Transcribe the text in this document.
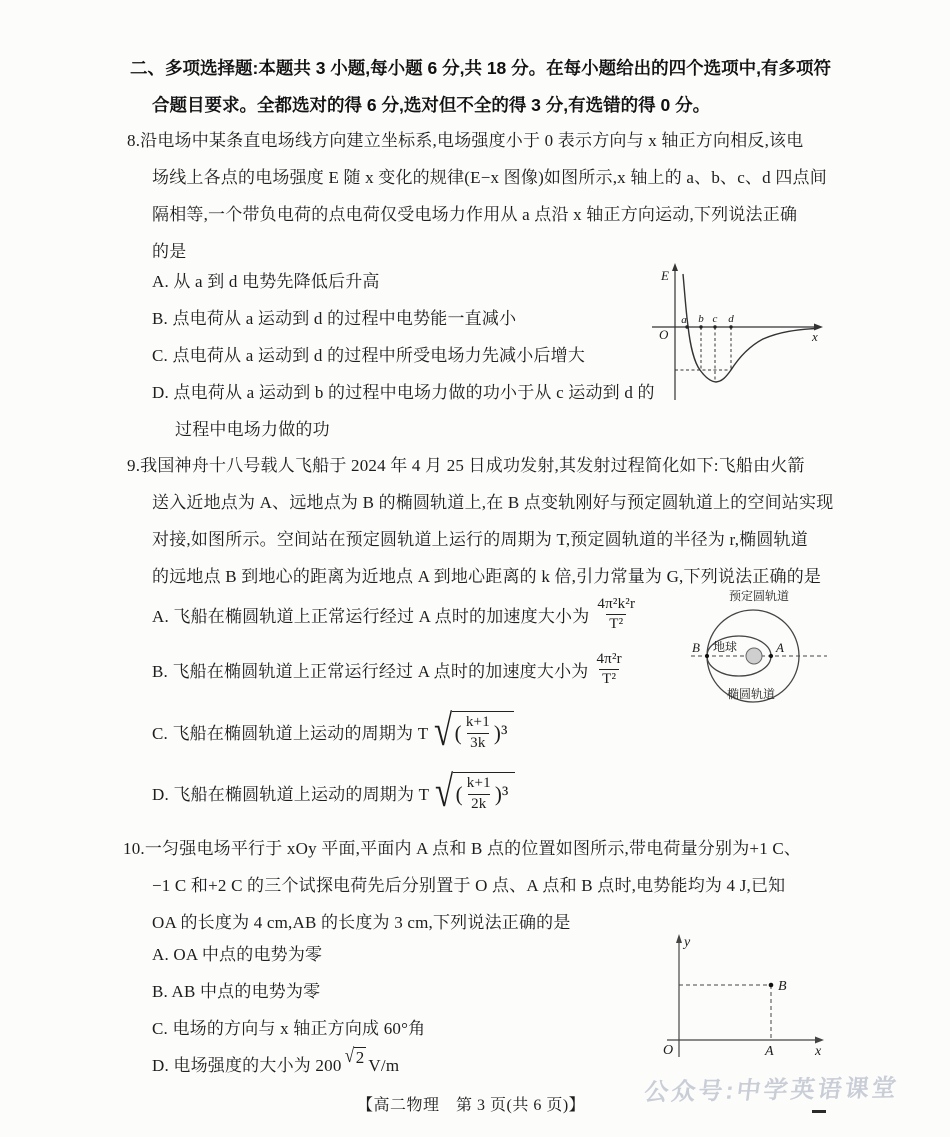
二、多项选择题:本题共 3 小题,每小题 6 分,共 18 分。在每小题给出的四个选项中,有多项符
合题目要求。全都选对的得 6 分,选对但不全的得 3 分,有选错的得 0 分。
8.沿电场中某条直电场线方向建立坐标系,电场强度小于 0 表示方向与 x 轴正方向相反,该电
场线上各点的电场强度 E 随 x 变化的规律(E−x 图像)如图所示,x 轴上的 a、b、c、d 四点间
隔相等,一个带负电荷的点电荷仅受电场力作用从 a 点沿 x 轴正方向运动,下列说法正确
的是
A. 从 a 到 d 电势先降低后升高
B. 点电荷从 a 运动到 d 的过程中电势能一直减小
C. 点电荷从 a 运动到 d 的过程中所受电场力先减小后增大
D. 点电荷从 a 运动到 b 的过程中电场力做的功小于从 c 运动到 d 的
过程中电场力做的功
E
O	x
a b c d
9.我国神舟十八号载人飞船于 2024 年 4 月 25 日成功发射,其发射过程简化如下:飞船由火箭
送入近地点为 A、远地点为 B 的椭圆轨道上,在 B 点变轨刚好与预定圆轨道上的空间站实现
对接,如图所示。空间站在预定圆轨道上运行的周期为 T,预定圆轨道的半径为 r,椭圆轨道
的远地点 B 到地心的距离为近地点 A 到地心距离的 k 倍,引力常量为 G,下列说法正确的是
A. 飞船在椭圆轨道上正常运行经过 A 点时的加速度大小为 $\frac{\text{4π²k²r}}{\text{T²}}$
B. 飞船在椭圆轨道上正常运行经过 A 点时的加速度大小为 $\frac{\text{4π²r}}{\text{T²}}$
C. 飞船在椭圆轨道上运动的周期为 T √ ( $\frac{k+1}{3k} )^3$
D. 飞船在椭圆轨道上运动的周期为 T √ ( $\frac{k+1}{2k} )^3$
预定圆轨道
地球
椭圆轨道
B	A
10.一匀强电场平行于 xOy 平面,平面内 A 点和 B 点的位置如图所示,带电荷量分别为+1 C、
−1 C 和+2 C 的三个试探电荷先后分别置于 O 点、A 点和 B 点时,电势能均为 4 J,已知
OA 的长度为 4 cm,AB 的长度为 3 cm,下列说法正确的是
A. OA 中点的电势为零
B. AB 中点的电势为零
C. 电场的方向与 x 轴正方向成 60°角
D. 电场强度的大小为 200 √ 2 V/m
O
y
x
B
A
【高二物理　第 3 页(共 6 页)】 公众号:中学英语课堂
